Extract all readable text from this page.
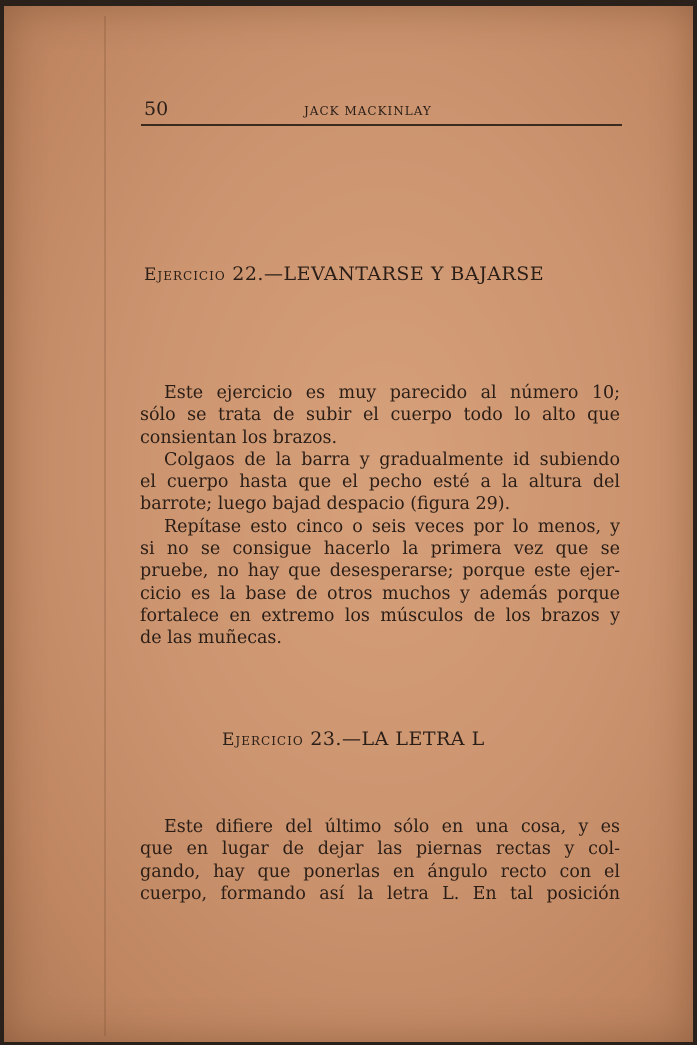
50	JACK MACKINLAY
Ejercicio 22.—LEVANTARSE Y BAJARSE
Este ejercicio es muy parecido al número 10;
sólo se trata de subir el cuerpo todo lo alto que
consientan los brazos.
Colgaos de la barra y gradualmente id subiendo
el cuerpo hasta que el pecho esté a la altura del
barrote; luego bajad despacio (figura 29).
Repítase esto cinco o seis veces por lo menos, y
si no se consigue hacerlo la primera vez que se
pruebe, no hay que desesperarse; porque este ejer-
cicio es la base de otros muchos y además porque
fortalece en extremo los músculos de los brazos y
de las muñecas.
Ejercicio 23.—LA LETRA L
Este difiere del último sólo en una cosa, y es
que en lugar de dejar las piernas rectas y col-
gando, hay que ponerlas en ángulo recto con el
cuerpo, formando así la letra L. En tal posición
